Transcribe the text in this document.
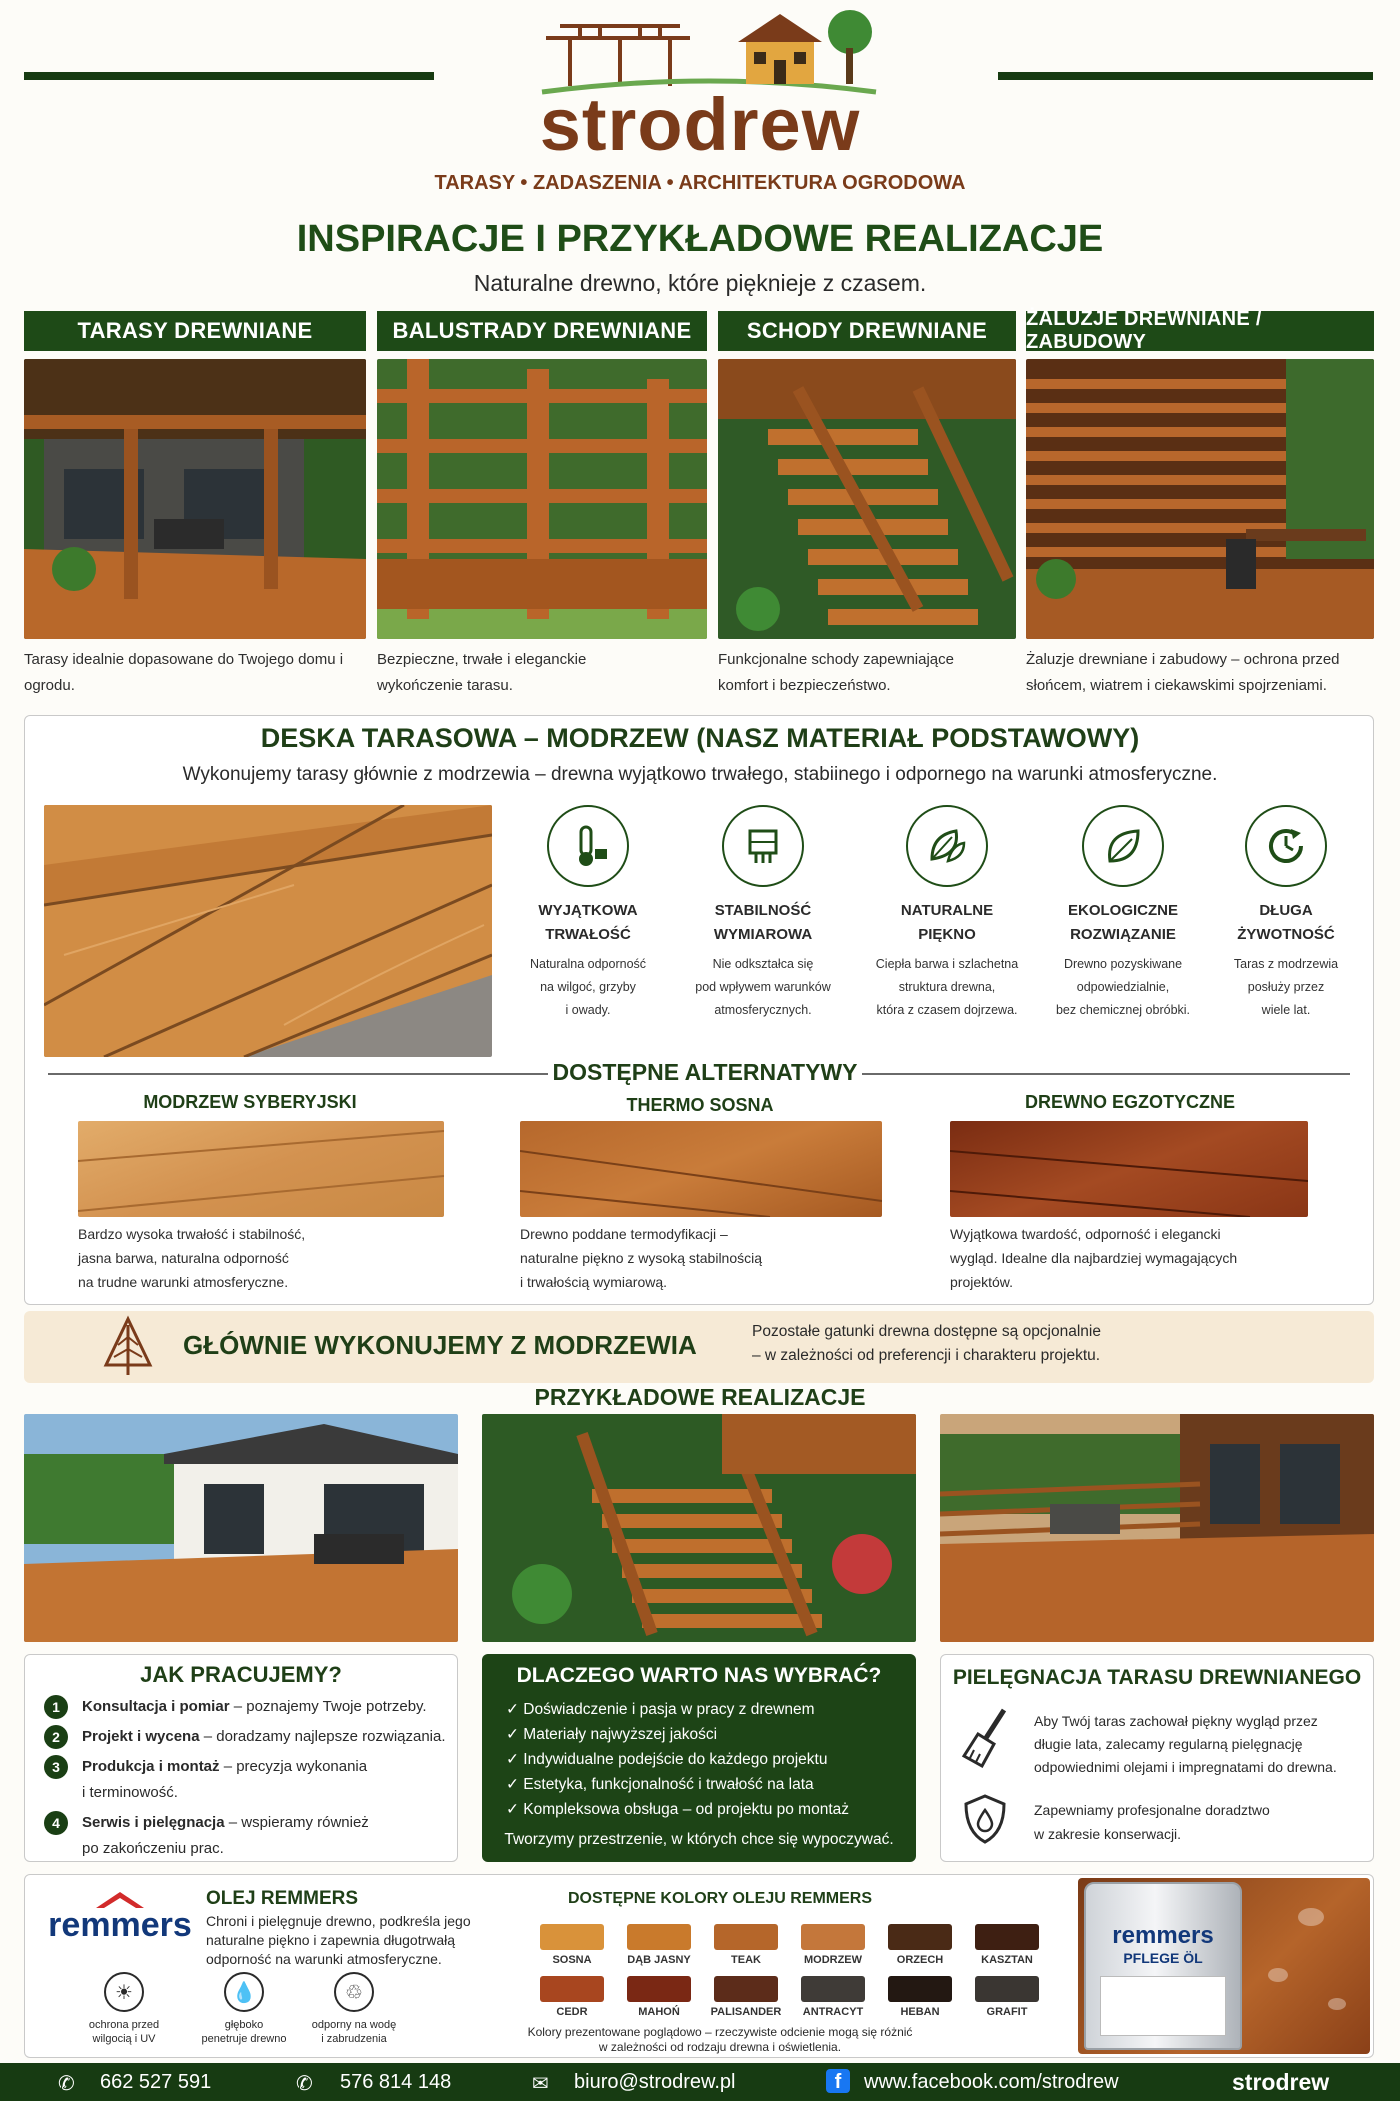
strodrew
TARASY • ZADASZENIA • ARCHITEKTURA OGRODOWA
INSPIRACJE I PRZYKŁADOWE REALIZACJE
Naturalne drewno, które pięknieje z czasem.
TARASY DREWNIANE	BALUSTRADY DREWNIANE	SCHODY DREWNIANE	ŻALUZJE DREWNIANE / ZABUDOWY
Tarasy idealnie dopasowane do Twojego domu i ogrodu.
Bezpieczne, trwałe i eleganckie wykończenie tarasu.
Funkcjonalne schody zapewniające komfort i bezpieczeństwo.
Żaluzje drewniane i zabudowy – ochrona przed słońcem, wiatrem i ciekawskimi spojrzeniami.
DESKA TARASOWA – MODRZEW (NASZ MATERIAŁ PODSTAWOWY)
Wykonujemy tarasy głównie z modrzewia – drewna wyjątkowo trwałego, stabiinego i odpornego na warunki atmosferyczne.
WYJĄTKOWA
TRWAŁOŚĆ
Naturalna odporność
na wilgoć, grzyby
i owady.
STABILNOŚĆ
WYMIAROWA
Nie odkształca się
pod wpływem warunków
atmosferycznych.
NATURALNE
PIĘKNO
Ciepła barwa i szlachetna
struktura drewna,
która z czasem dojrzewa.
EKOLOGICZNE
ROZWIĄZANIE
Drewno pozyskiwane
odpowiedzialnie,
bez chemicznej obróbki.
DŁUGA
ŻYWOTNOŚĆ
Taras z modrzewia
posłuży przez
wiele lat.
DOSTĘPNE ALTERNATYWY
MODRZEW SYBERYJSKI	THERMO SOSNA	DREWNO EGZOTYCZNE
Bardzo wysoka trwałość i stabilność,
jasna barwa, naturalna odporność
na trudne warunki atmosferyczne.
Drewno poddane termodyfikacji –
naturalne piękno z wysoką stabilnością
i trwałością wymiarową.
Wyjątkowa twardość, odporność i elegancki
wygląd. Idealne dla najbardziej wymagających
projektów.
GŁÓWNIE WYKONUJEMY Z MODRZEWIA	Pozostałe gatunki drewna dostępne są opcjonalnie
– w zależności od preferencji i charakteru projektu.
PRZYKŁADOWE REALIZACJE
JAK PRACUJEMY?
1	Konsultacja i pomiar – poznajemy Twoje potrzeby.
2	Projekt i wycena – doradzamy najlepsze rozwiązania.
3	Produkcja i montaż – precyzja wykonania
i terminowość.
4	Serwis i pielęgnacja – wspieramy również
po zakończeniu prac.
DLACZEGO WARTO NAS WYBRAĆ?
✓ Doświadczenie i pasja w pracy z drewnem
✓ Materiały najwyższej jakości
✓ Indywidualne podejście do każdego projektu
✓ Estetyka, funkcjonalność i trwałość na lata
✓ Kompleksowa obsługa – od projektu po montaż
Tworzymy przestrzenie, w których chce się wypoczywać.
PIELĘGNACJA TARASU DREWNIANEGO
Aby Twój taras zachował piękny wygląd przez
długie lata, zalecamy regularną pielęgnację
odpowiednimi olejami i impregnatami do drewna.
Zapewniamy profesjonalne doradztwo
w zakresie konserwacji.
remmers
OLEJ REMMERS
Chroni i pielęgnuje drewno, podkreśla jego
naturalne piękno i zapewnia długotrwałą
odporność na warunki atmosferyczne.
☀
ochrona przed
wilgocią i UV
💧
głęboko
penetruje drewno
♲
odporny na wodę
i zabrudzenia
DOSTĘPNE KOLORY OLEJU REMMERS
SOSNA	DĄB JASNY	TEAK	MODRZEW	ORZECH	KASZTAN
CEDR	MAHOŃ	PALISANDER	ANTRACYT	HEBAN	GRAFIT
Kolory prezentowane poglądowo – rzeczywiste odcienie mogą się różnić
w zależności od rodzaju drewna i oświetlenia.
remmers
PFLEGE ÖL
✆ 662 527 591	✆ 576 814 148	✉ biuro@strodrew.pl	f	www.facebook.com/strodrew	strodrew
